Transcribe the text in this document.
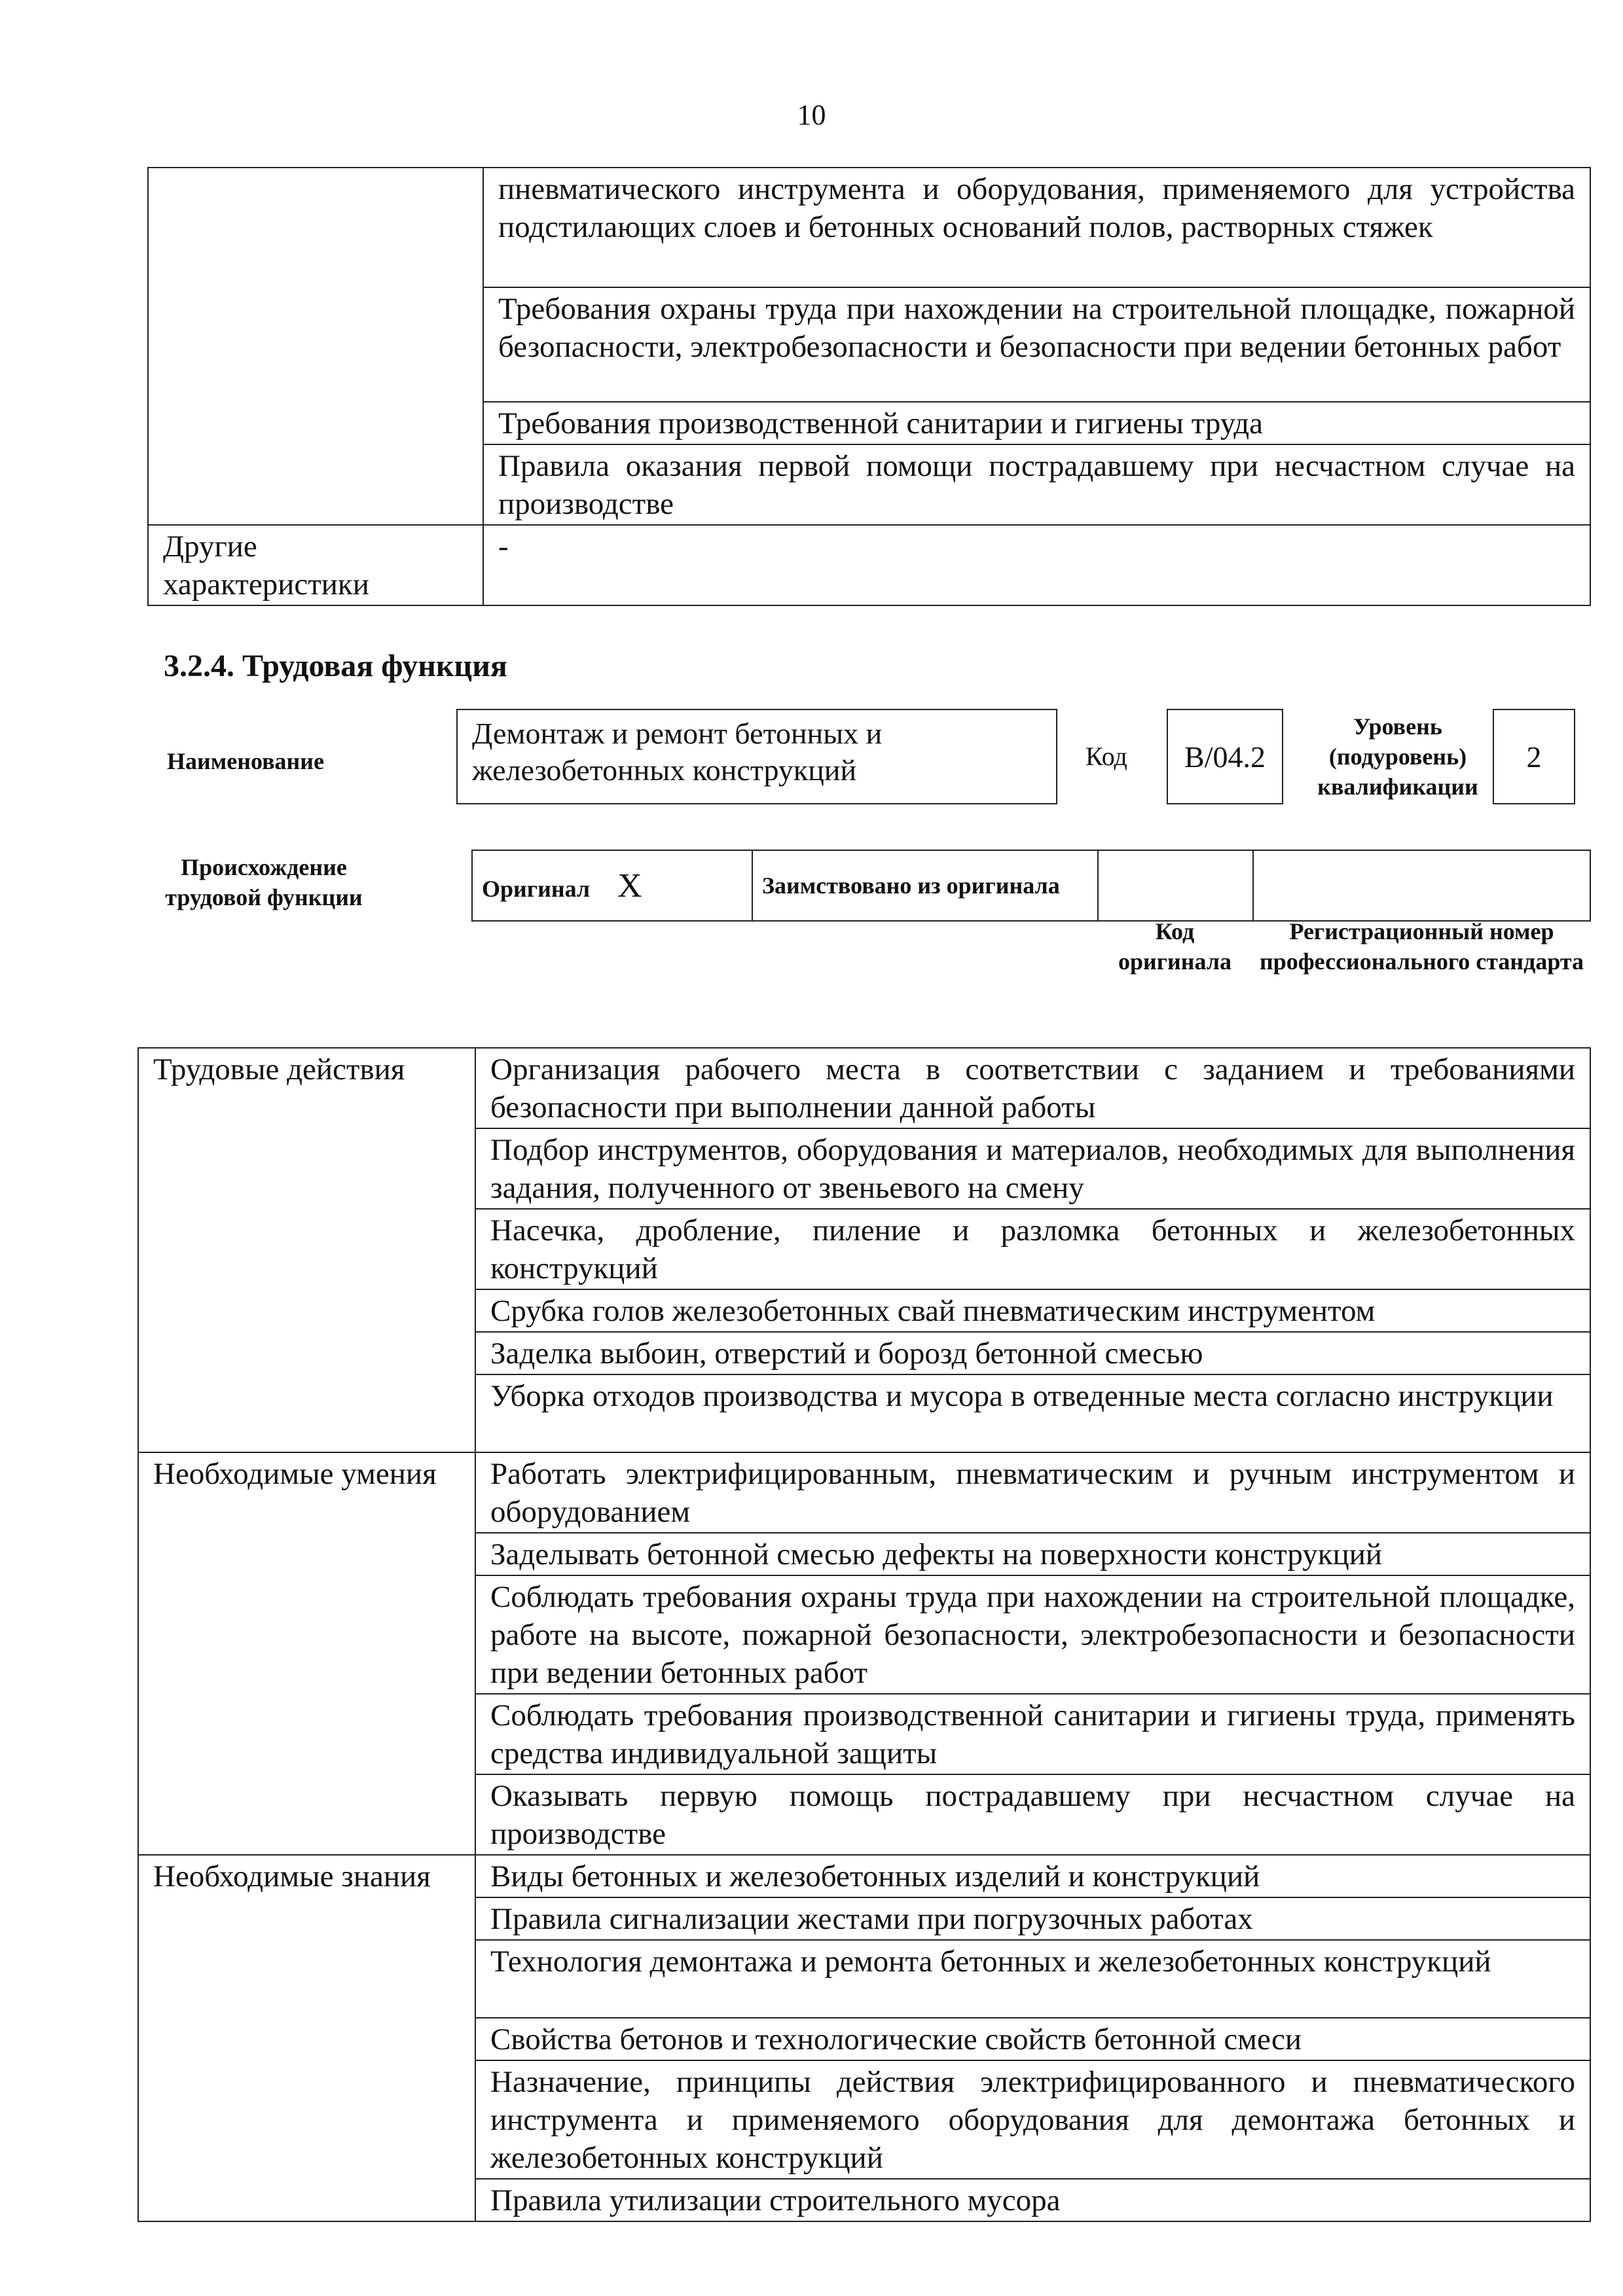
10
	пневматического инструмента и оборудования, применяемого для устройства подстилающих слоев и бетонных оснований полов, растворных стяжек
	Требования охраны труда при нахождении на строительной площадке, пожарной безопасности, электробезопасности и безопасности при ведении бетонных работ
	Требования производственной санитарии и гигиены труда
	Правила оказания первой помощи пострадавшему при несчастном случае на производстве
Другие характеристики	-
3.2.4. Трудовая функция
Наименование
Демонтаж и ремонт бетонных и железобетонных конструкций	Код	B/04.2
Уровень (подуровень) квалификации
2
Происхождение трудовой функции	Оригинал X	Заимствовано из оригинала		
Код оригинала
Регистрационный номер профессионального стандарта
Трудовые действия	Организация рабочего места в соответствии с заданием и требованиями безопасности при выполнении данной работы
	Подбор инструментов, оборудования и материалов, необходимых для выполнения задания, полученного от звеньевого на смену
	Насечка, дробление, пиление и разломка бетонных и железобетонных конструкций
	Срубка голов железобетонных свай пневматическим инструментом
	Заделка выбоин, отверстий и борозд бетонной смесью
	Уборка отходов производства и мусора в отведенные места согласно инструкции
Необходимые умения	Работать электрифицированным, пневматическим и ручным инструментом и оборудованием
	Заделывать бетонной смесью дефекты на поверхности конструкций
	Соблюдать требования охраны труда при нахождении на строительной площадке, работе на высоте, пожарной безопасности, электробезопасности и безопасности при ведении бетонных работ
	Соблюдать требования производственной санитарии и гигиены труда, применять средства индивидуальной защиты
	Оказывать первую помощь пострадавшему при несчастном случае на производстве
Необходимые знания	Виды бетонных и железобетонных изделий и конструкций
	Правила сигнализации жестами при погрузочных работах
	Технология демонтажа и ремонта бетонных и железобетонных конструкций
	Свойства бетонов и технологические свойств бетонной смеси
	Назначение, принципы действия электрифицированного и пневматического инструмента и применяемого оборудования для демонтажа бетонных и железобетонных конструкций
	Правила утилизации строительного мусора
